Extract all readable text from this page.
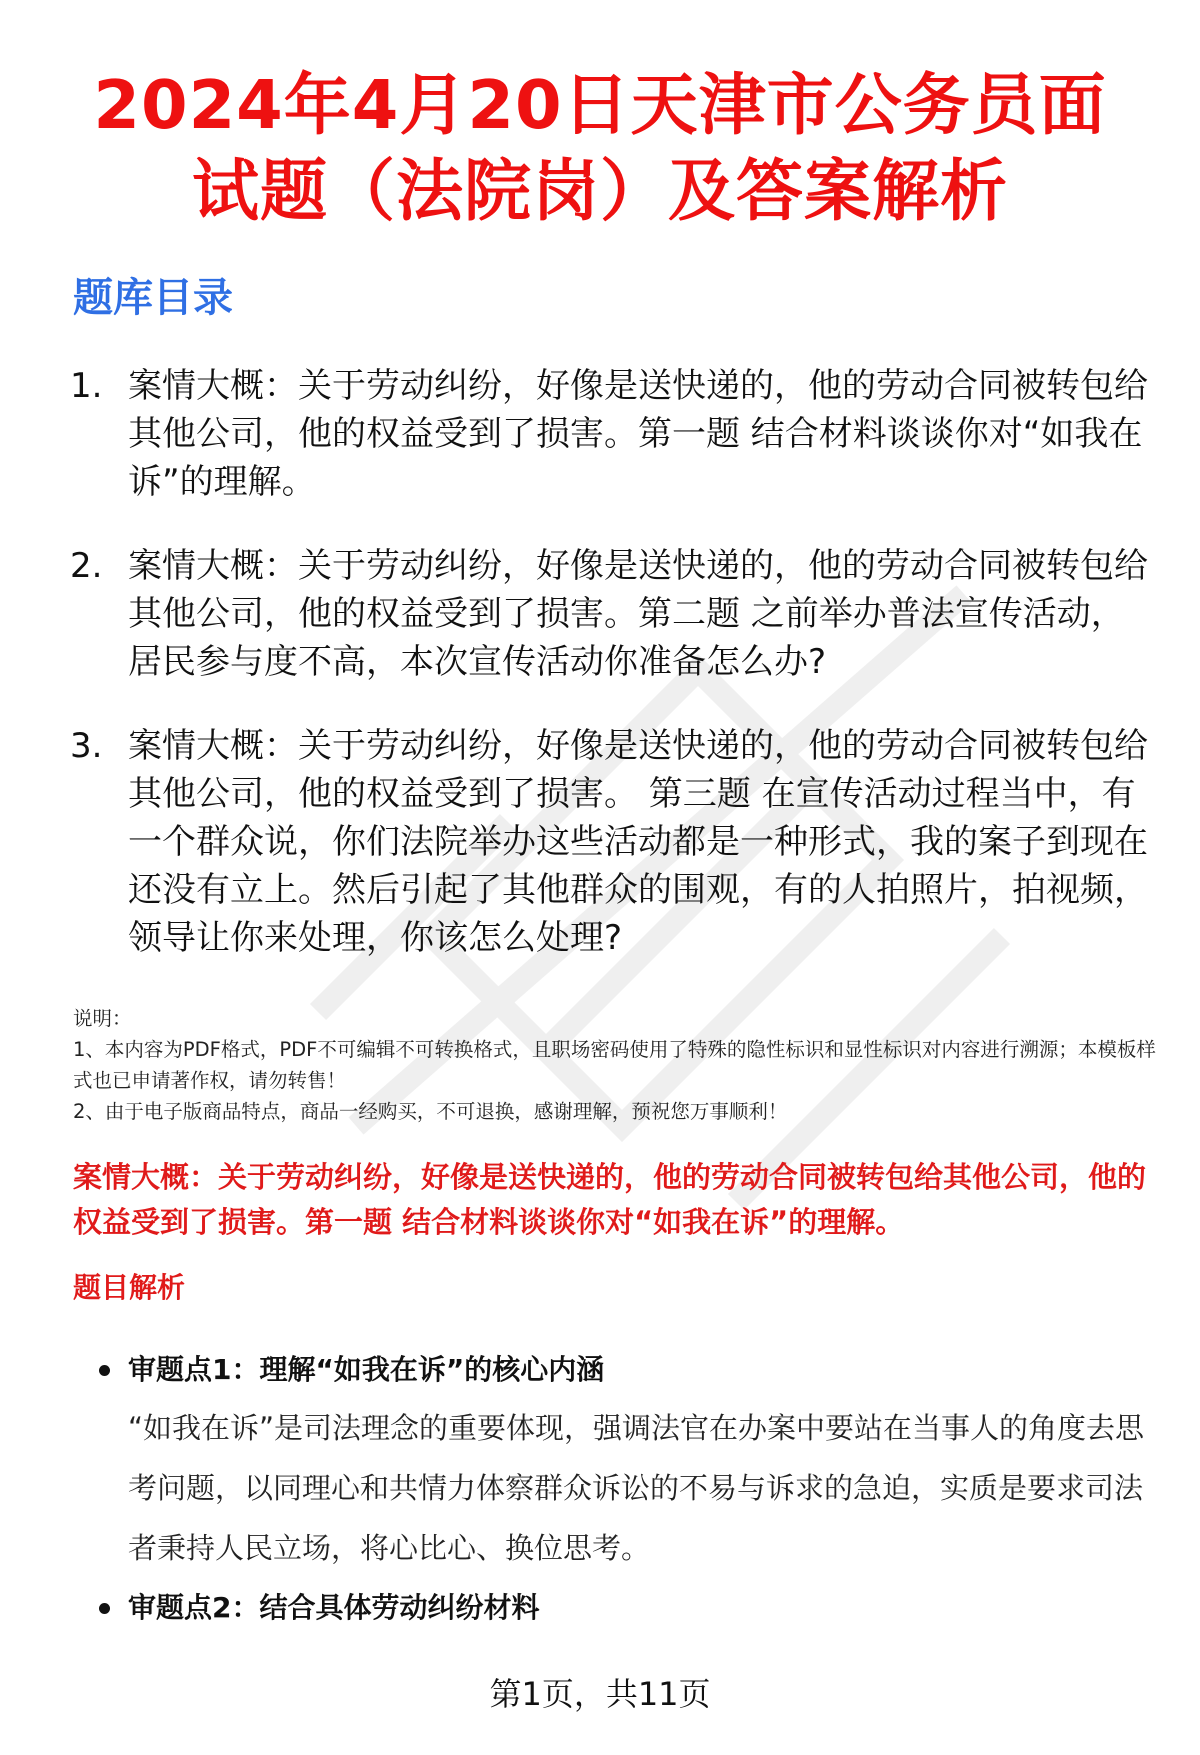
2024年4月20日天津市公务员面试题（法院岗）及答案解析
题库目录
1. 案情大概：关于劳动纠纷，好像是送快递的，他的劳动合同被转包给其他公司，他的权益受到了损害。第一题 结合材料谈谈你对“如我在诉”的理解。
2. 案情大概：关于劳动纠纷，好像是送快递的，他的劳动合同被转包给其他公司，他的权益受到了损害。第二题 之前举办普法宣传活动，居民参与度不高，本次宣传活动你准备怎么办?
3. 案情大概：关于劳动纠纷，好像是送快递的，他的劳动合同被转包给其他公司，他的权益受到了损害。 第三题 在宣传活动过程当中，有一个群众说，你们法院举办这些活动都是一种形式，我的案子到现在还没有立上。然后引起了其他群众的围观，有的人拍照片，拍视频，领导让你来处理，你该怎么处理?
说明：
1、本内容为PDF格式，PDF不可编辑不可转换格式，且职场密码使用了特殊的隐性标识和显性标识对内容进行溯源；本模板样式也已申请著作权，请勿转售！
2、由于电子版商品特点，商品一经购买，不可退换，感谢理解，预祝您万事顺利！
案情大概：关于劳动纠纷，好像是送快递的，他的劳动合同被转包给其他公司，他的权益受到了损害。第一题 结合材料谈谈你对“如我在诉”的理解。
题目解析
审题点1：理解“如我在诉”的核心内涵
“如我在诉”是司法理念的重要体现，强调法官在办案中要站在当事人的角度去思考问题，以同理心和共情力体察群众诉讼的不易与诉求的急迫，实质是要求司法者秉持人民立场，将心比心、换位思考。
审题点2：结合具体劳动纠纷材料
第1页，共11页
